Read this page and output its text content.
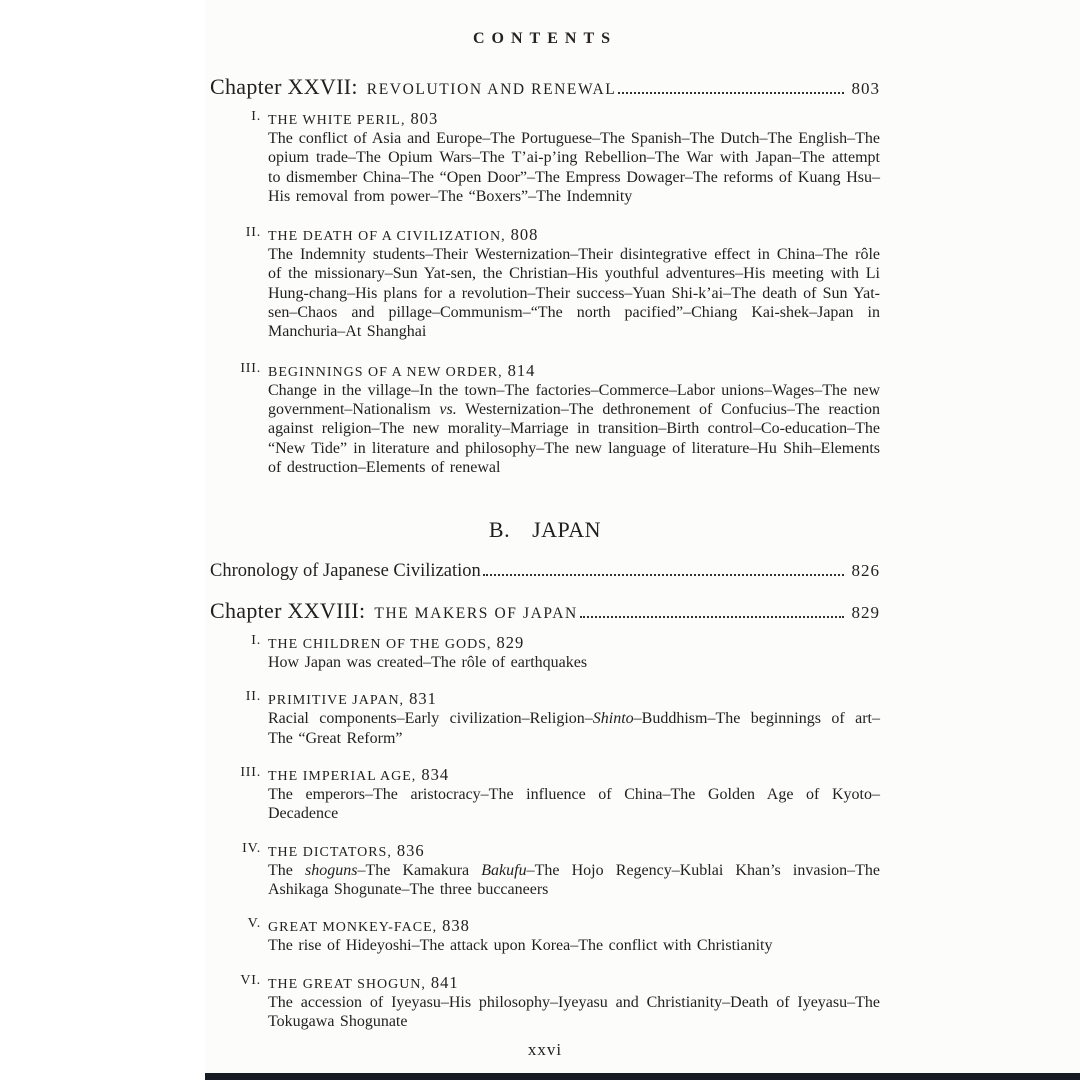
CONTENTS
Chapter XXVII: REVOLUTION AND RENEWAL	803
I. THE WHITE PERIL, 803
The conflict of Asia and Europe–The Portuguese–The Spanish–The Dutch–The English–The opium trade–The Opium Wars–The T’ai-p’ing Rebellion–The War with Japan–The attempt to dismember China–The “Open Door”–The Empress Dowager–The reforms of Kuang Hsu–His removal from power–The “Boxers”–The Indemnity
II. THE DEATH OF A CIVILIZATION, 808
The Indemnity students–Their Westernization–Their disintegrative effect in China–The rôle of the missionary–Sun Yat-sen, the Christian–His youthful adventures–His meeting with Li Hung-chang–His plans for a revolution–Their success–Yuan Shi-k’ai–The death of Sun Yat-sen–Chaos and pillage–Communism–“The north pacified”–Chiang Kai-shek–Japan in Manchuria–At Shanghai
III. BEGINNINGS OF A NEW ORDER, 814
Change in the village–In the town–The factories–Commerce–Labor unions–Wages–The new government–Nationalism vs. Westernization–The dethronement of Confucius–The reaction against religion–The new morality–Marriage in transition–Birth control–Co-education–The “New Tide” in literature and philosophy–The new language of literature–Hu Shih–Elements of destruction–Elements of renewal
B. JAPAN
Chronology of Japanese Civilization	826
Chapter XXVIII: THE MAKERS OF JAPAN	829
I. THE CHILDREN OF THE GODS, 829
How Japan was created–The rôle of earthquakes
II. PRIMITIVE JAPAN, 831
Racial components–Early civilization–Religion–Shinto–Buddhism–The beginnings of art–The “Great Reform”
III. THE IMPERIAL AGE, 834
The emperors–The aristocracy–The influence of China–The Golden Age of Kyoto–Decadence
IV. THE DICTATORS, 836
The shoguns–The Kamakura Bakufu–The Hojo Regency–Kublai Khan’s invasion–The Ashikaga Shogunate–The three buccaneers
V. GREAT MONKEY-FACE, 838
The rise of Hideyoshi–The attack upon Korea–The conflict with Christianity
VI. THE GREAT SHOGUN, 841
The accession of Iyeyasu–His philosophy–Iyeyasu and Christianity–Death of Iyeyasu–The Tokugawa Shogunate
xxvi
